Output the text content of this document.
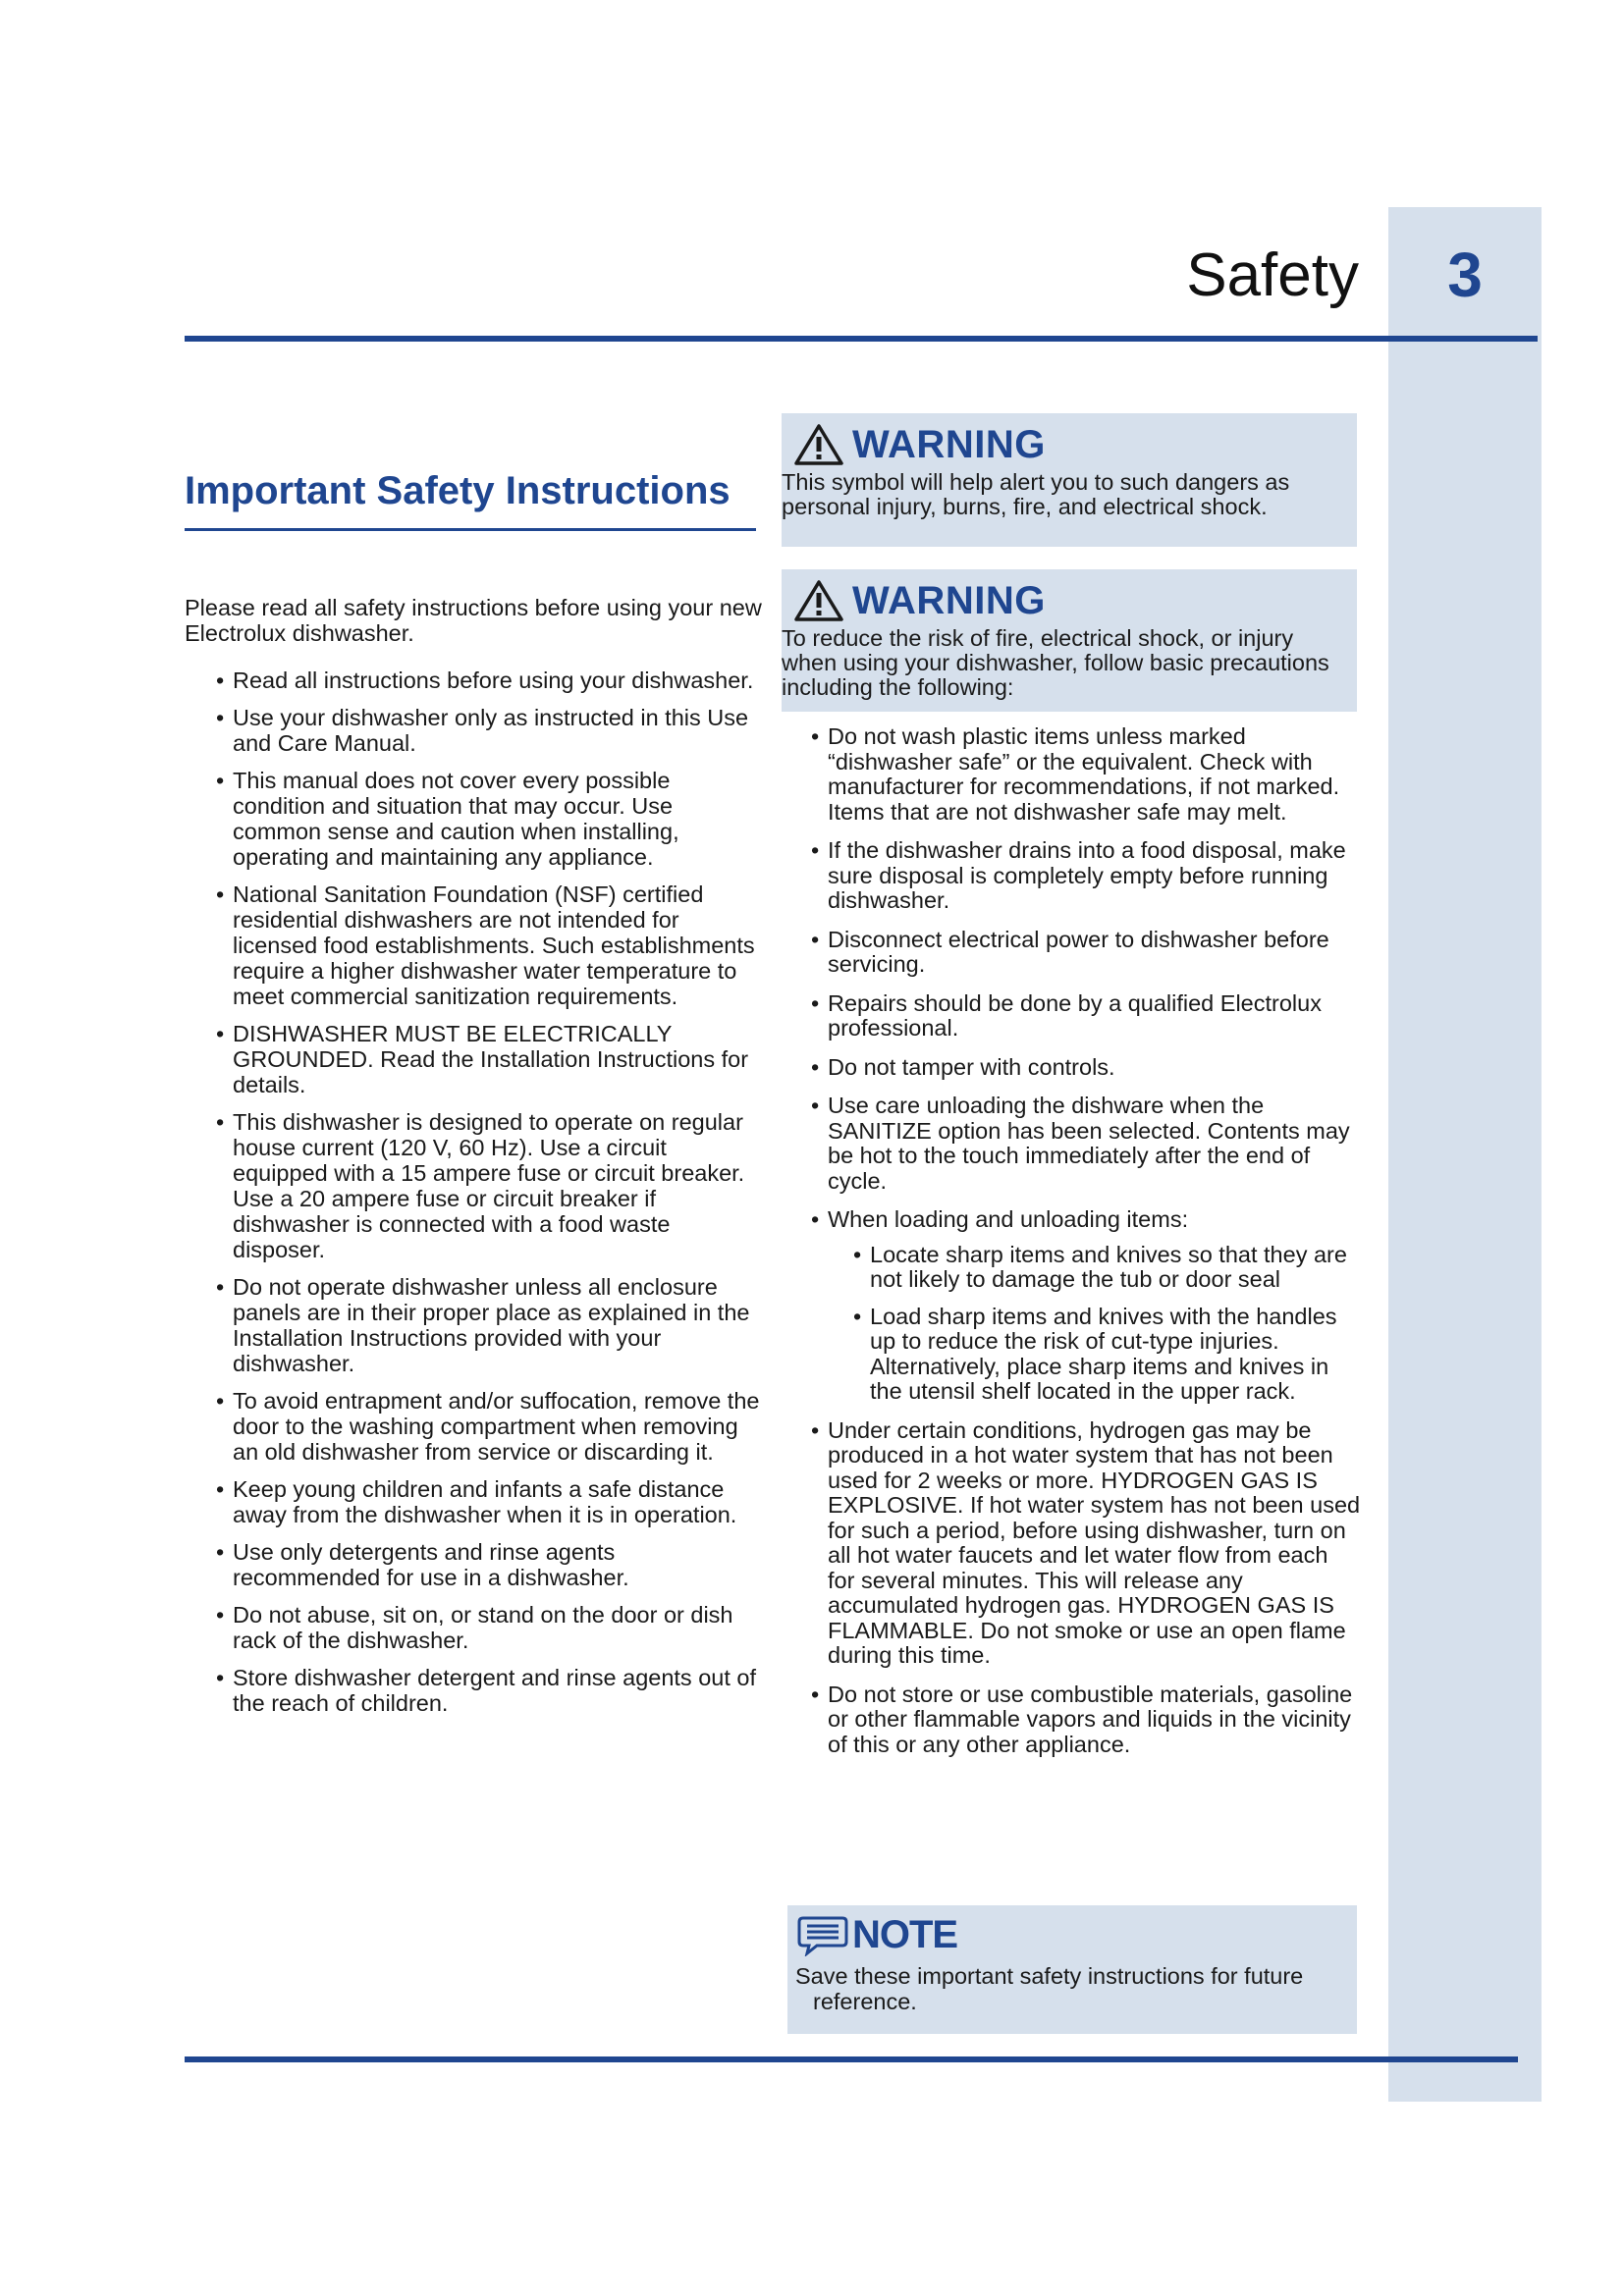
3
Safety
Important Safety Instructions

Please read all safety instructions before using your new Electrolux dishwasher.

• Read all instructions before using your dishwasher.
• Use your dishwasher only as instructed in this Use and Care Manual.
• This manual does not cover every possible condition and situation that may occur. Use common sense and caution when installing, operating and maintaining any appliance.
• National Sanitation Foundation (NSF) certified residential dishwashers are not intended for licensed food establishments. Such establishments require a higher dishwasher water temperature to meet commercial sanitization requirements.
• DISHWASHER MUST BE ELECTRICALLY GROUNDED. Read the Installation Instructions for details.
• This dishwasher is designed to operate on regular house current (120 V, 60 Hz). Use a circuit equipped with a 15 ampere fuse or circuit breaker. Use a 20 ampere fuse or circuit breaker if dishwasher is connected with a food waste disposer.
• Do not operate dishwasher unless all enclosure panels are in their proper place as explained in the Installation Instructions provided with your dishwasher.
• To avoid entrapment and/or suffocation, remove the door to the washing compartment when removing an old dishwasher from service or discarding it.
• Keep young children and infants a safe distance away from the dishwasher when it is in operation.
• Use only detergents and rinse agents recommended for use in a dishwasher.
• Do not abuse, sit on, or stand on the door or dish rack of the dishwasher.
• Store dishwasher detergent and rinse agents out of the reach of children.
WARNING
This symbol will help alert you to such dangers as personal injury, burns, fire, and electrical shock.
WARNING
To reduce the risk of fire, electrical shock, or injury when using your dishwasher, follow basic precautions including the following:
• Do not wash plastic items unless marked “dishwasher safe” or the equivalent. Check with manufacturer for recommendations, if not marked. Items that are not dishwasher safe may melt.
• If the dishwasher drains into a food disposal, make sure disposal is completely empty before running dishwasher.
• Disconnect electrical power to dishwasher before servicing.
• Repairs should be done by a qualified Electrolux professional.
• Do not tamper with controls.
• Use care unloading the dishware when the SANITIZE option has been selected. Contents may be hot to the touch immediately after the end of cycle.
• When loading and unloading items:
• Locate sharp items and knives so that they are not likely to damage the tub or door seal
• Load sharp items and knives with the handles up to reduce the risk of cut-type injuries. Alternatively, place sharp items and knives in the utensil shelf located in the upper rack.
• Under certain conditions, hydrogen gas may be produced in a hot water system that has not been used for 2 weeks or more. HYDROGEN GAS IS EXPLOSIVE. If hot water system has not been used for such a period, before using dishwasher, turn on all hot water faucets and let water flow from each for several minutes. This will release any accumulated hydrogen gas. HYDROGEN GAS IS FLAMMABLE. Do not smoke or use an open flame during this time.
• Do not store or use combustible materials, gasoline or other flammable vapors and liquids in the vicinity of this or any other appliance.
NOTE
Save these important safety instructions for future reference.
